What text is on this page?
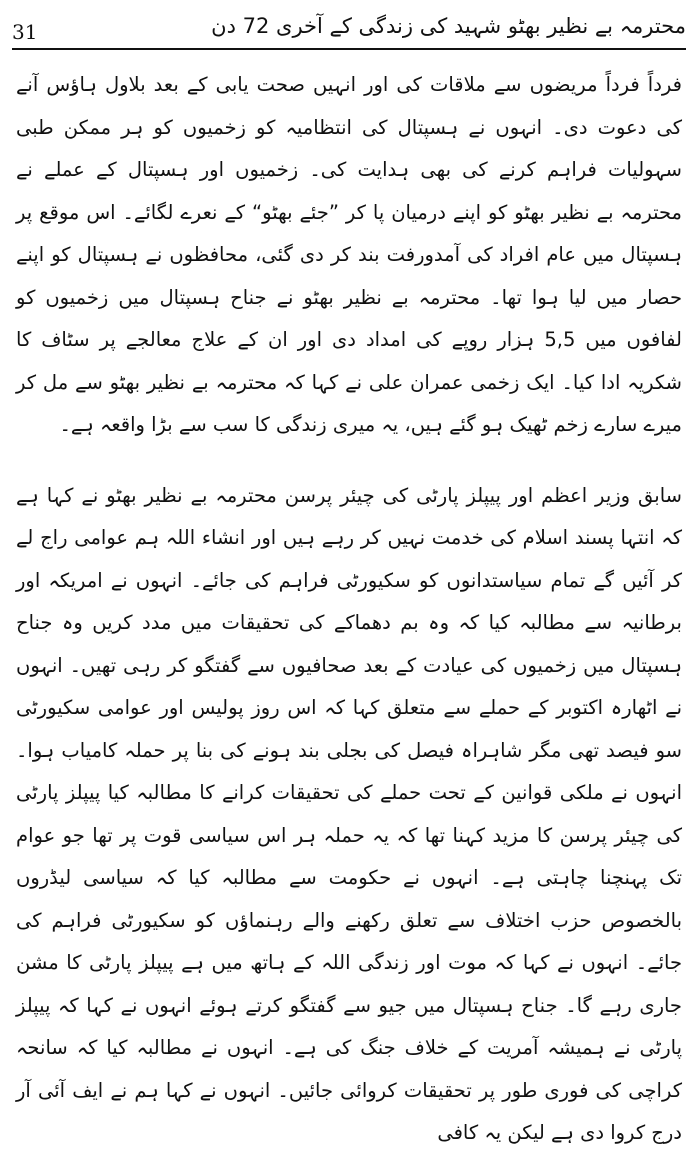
31	محترمہ بے نظیر بھٹو شہید کی زندگی کے آخری 72 دن

فرداً فرداً مریضوں سے ملاقات کی اور انہیں صحت یابی کے بعد بلاول ہاؤس آنے کی دعوت دی۔ انہوں نے ہسپتال کی انتظامیہ کو زخمیوں کو ہر ممکن طبی سہولیات فراہم کرنے کی بھی ہدایت کی۔ زخمیوں اور ہسپتال کے عملے نے محترمہ بے نظیر بھٹو کو اپنے درمیان پا کر ”جئے بھٹو“ کے نعرے لگائے۔ اس موقع پر ہسپتال میں عام افراد کی آمدورفت بند کر دی گئی، محافظوں نے ہسپتال کو اپنے حصار میں لیا ہوا تھا۔ محترمہ بے نظیر بھٹو نے جناح ہسپتال میں زخمیوں کو لفافوں میں 5,5 ہزار روپے کی امداد دی اور ان کے علاج معالجے پر سٹاف کا شکریہ ادا کیا۔ ایک زخمی عمران علی نے کہا کہ محترمہ بے نظیر بھٹو سے مل کر میرے سارے زخم ٹھیک ہو گئے ہیں، یہ میری زندگی کا سب سے بڑا واقعہ ہے۔

سابق وزیر اعظم اور پیپلز پارٹی کی چیئر پرسن محترمہ بے نظیر بھٹو نے کہا ہے کہ انتہا پسند اسلام کی خدمت نہیں کر رہے ہیں اور انشاء اللہ ہم عوامی راج لے کر آئیں گے تمام سیاستدانوں کو سکیورٹی فراہم کی جائے۔ انہوں نے امریکہ اور برطانیہ سے مطالبہ کیا کہ وہ بم دھماکے کی تحقیقات میں مدد کریں وہ جناح ہسپتال میں زخمیوں کی عیادت کے بعد صحافیوں سے گفتگو کر رہی تھیں۔ انہوں نے اٹھارہ اکتوبر کے حملے سے متعلق کہا کہ اس روز پولیس اور عوامی سکیورٹی سو فیصد تھی مگر شاہراہ فیصل کی بجلی بند ہونے کی بنا پر حملہ کامیاب ہوا۔ انہوں نے ملکی قوانین کے تحت حملے کی تحقیقات کرانے کا مطالبہ کیا پیپلز پارٹی کی چیئر پرسن کا مزید کہنا تھا کہ یہ حملہ ہر اس سیاسی قوت پر تھا جو عوام تک پہنچنا چاہتی ہے۔ انہوں نے حکومت سے مطالبہ کیا کہ سیاسی لیڈروں بالخصوص حزب اختلاف سے تعلق رکھنے والے رہنماؤں کو سکیورٹی فراہم کی جائے۔ انہوں نے کہا کہ موت اور زندگی اللہ کے ہاتھ میں ہے پیپلز پارٹی کا مشن جاری رہے گا۔ جناح ہسپتال میں جیو سے گفتگو کرتے ہوئے انہوں نے کہا کہ پیپلز پارٹی نے ہمیشہ آمریت کے خلاف جنگ کی ہے۔ انہوں نے مطالبہ کیا کہ سانحہ کراچی کی فوری طور پر تحقیقات کروائی جائیں۔ انہوں نے کہا ہم نے ایف آئی آر درج کروا دی ہے لیکن یہ کافی
